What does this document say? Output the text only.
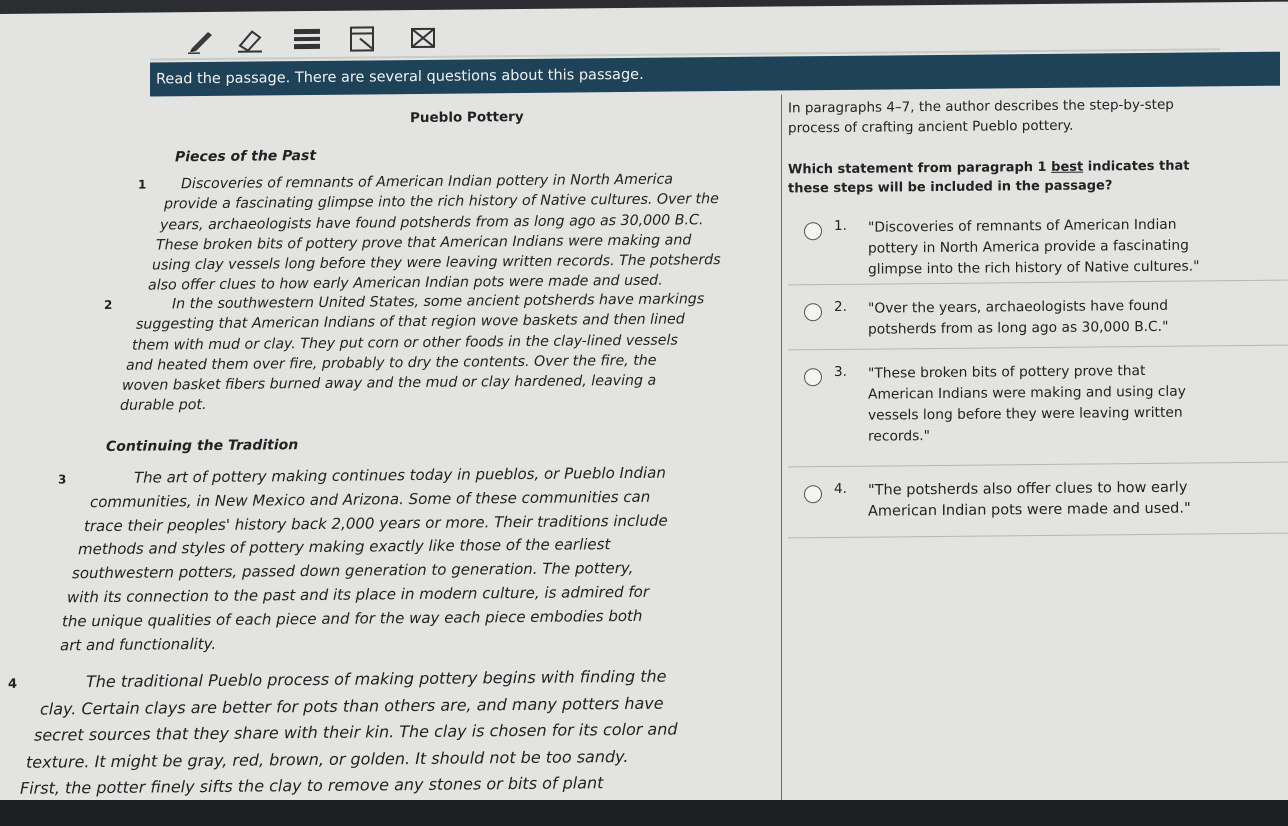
Read the passage. There are several questions about this passage.
Pueblo Pottery
Pieces of the Past
1	Discoveries of remnants of American Indian pottery in North America
provide a fascinating glimpse into the rich history of Native cultures. Over the
years, archaeologists have found potsherds from as long ago as 30,000 B.C.
These broken bits of pottery prove that American Indians were making and
using clay vessels long before they were leaving written records. The potsherds
also offer clues to how early American Indian pots were made and used.
2	In the southwestern United States, some ancient potsherds have markings
suggesting that American Indians of that region wove baskets and then lined
them with mud or clay. They put corn or other foods in the clay-lined vessels
and heated them over fire, probably to dry the contents. Over the fire, the
woven basket fibers burned away and the mud or clay hardened, leaving a
durable pot.
Continuing the Tradition
3	The art of pottery making continues today in pueblos, or Pueblo Indian
communities, in New Mexico and Arizona. Some of these communities can
trace their peoples' history back 2,000 years or more. Their traditions include
methods and styles of pottery making exactly like those of the earliest
southwestern potters, passed down generation to generation. The pottery,
with its connection to the past and its place in modern culture, is admired for
the unique qualities of each piece and for the way each piece embodies both
art and functionality.
4	The traditional Pueblo process of making pottery begins with finding the
clay. Certain clays are better for pots than others are, and many potters have
secret sources that they share with their kin. The clay is chosen for its color and
texture. It might be gray, red, brown, or golden. It should not be too sandy.
First, the potter finely sifts the clay to remove any stones or bits of plant
In paragraphs 4–7, the author describes the step-by-step
process of crafting ancient Pueblo pottery.
Which statement from paragraph 1 best indicates that
these steps will be included in the passage?
1. "Discoveries of remnants of American Indian
pottery in North America provide a fascinating
glimpse into the rich history of Native cultures."
2. "Over the years, archaeologists have found
potsherds from as long ago as 30,000 B.C."
3. "These broken bits of pottery prove that
American Indians were making and using clay
vessels long before they were leaving written
records."
4. "The potsherds also offer clues to how early
American Indian pots were made and used."
